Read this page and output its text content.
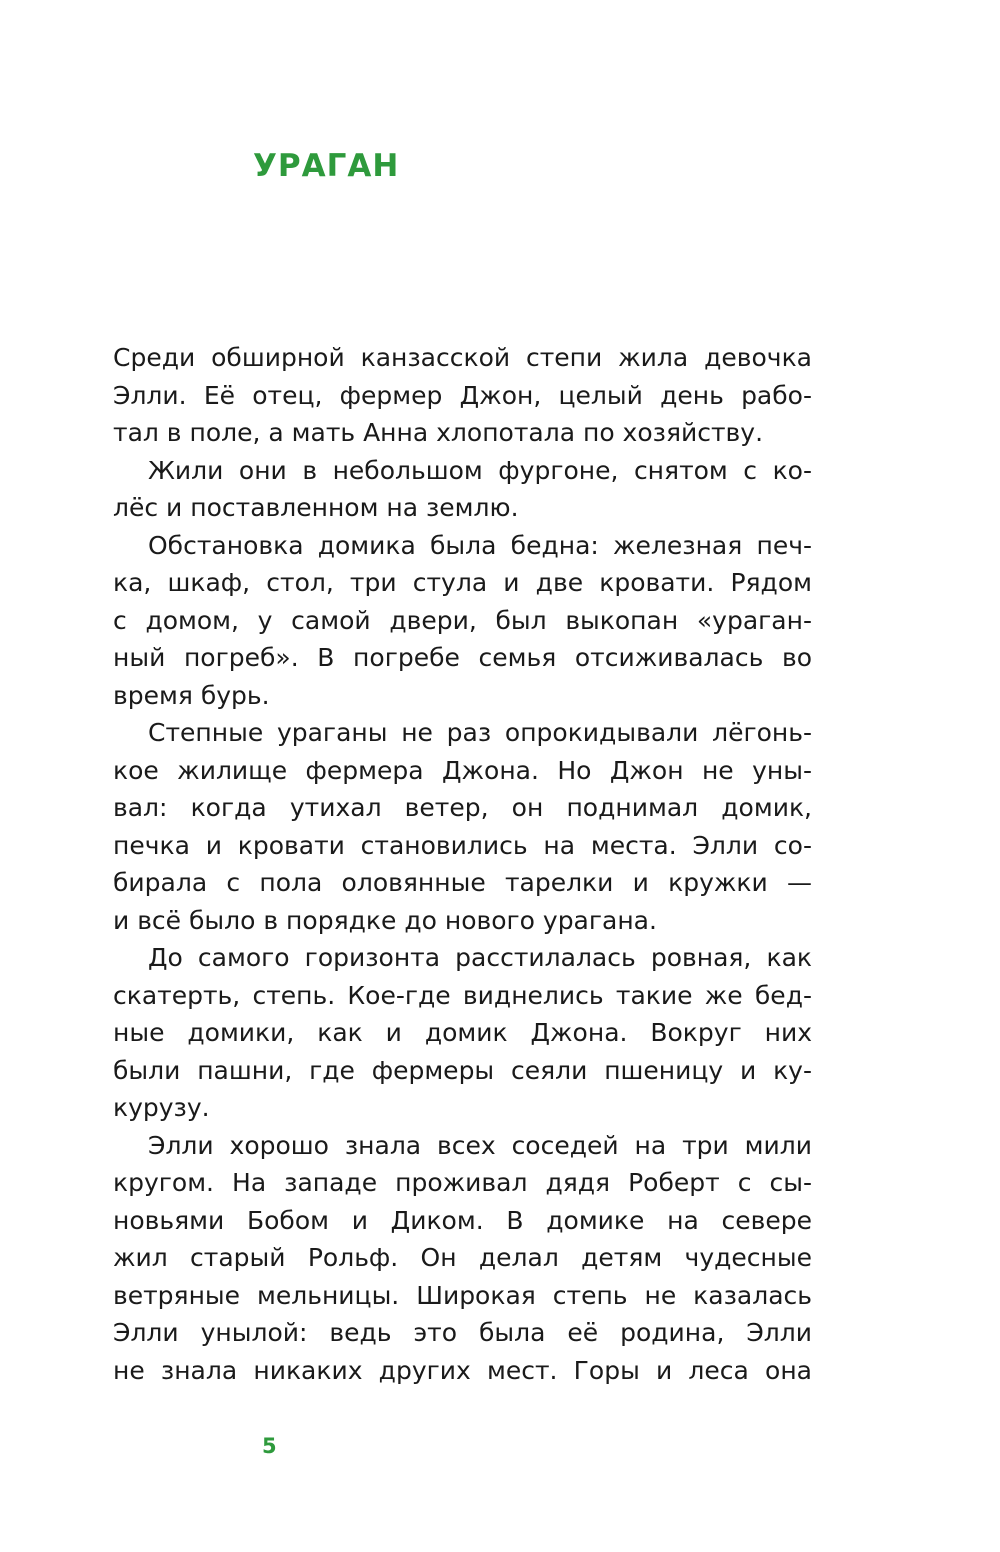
УРАГАН
Среди обширной канзасской степи жила девочка
Элли. Её отец, фермер Джон, целый день рабо-
тал в поле, а мать Анна хлопотала по хозяйству.
Жили они в небольшом фургоне, снятом с ко-
лёс и поставленном на землю.
Обстановка домика была бедна: железная печ-
ка, шкаф, стол, три стула и две кровати. Рядом
с домом, у самой двери, был выкопан «ураган-
ный погреб». В погребе семья отсиживалась во
время бурь.
Степные ураганы не раз опрокидывали лёгонь-
кое жилище фермера Джона. Но Джон не уны-
вал: когда утихал ветер, он поднимал домик,
печка и кровати становились на места. Элли со-
бирала с пола оловянные тарелки и кружки —
и всё было в порядке до нового урагана.
До самого горизонта расстилалась ровная, как
скатерть, степь. Кое-где виднелись такие же бед-
ные домики, как и домик Джона. Вокруг них
были пашни, где фермеры сеяли пшеницу и ку-
курузу.
Элли хорошо знала всех соседей на три мили
кругом. На западе проживал дядя Роберт с сы-
новьями Бобом и Диком. В домике на севере
жил старый Рольф. Он делал детям чудесные
ветряные мельницы. Широкая степь не казалась
Элли унылой: ведь это была её родина, Элли
не знала никаких других мест. Горы и леса она
5
